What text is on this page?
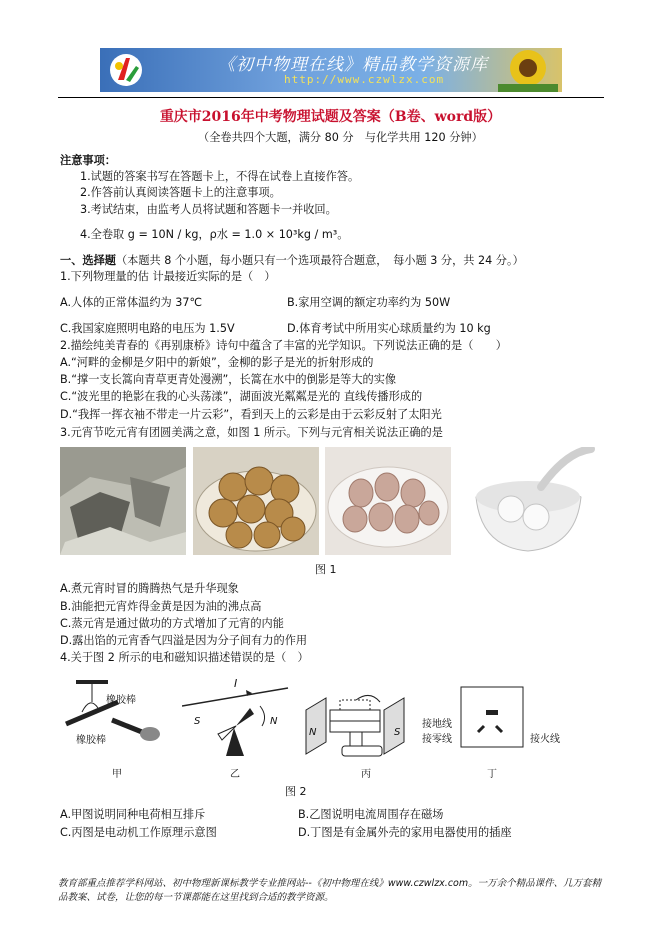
《初中物理在线》精品教学资源库
http://www.czwlzx.com
重庆市2016年中考物理试题及答案（B卷、word版）
（全卷共四个大题，满分 80 分　与化学共用 120 分钟）
注意事项：
1.试题的答案书写在答题卡上，不得在试卷上直接作答。
2.作答前认真阅读答题卡上的注意事项。
3.考试结束，由监考人员将试题和答题卡一并收回。
4.全卷取 g = 10N / kg，ρ水 = 1.0 × 10³kg / m³。
一、选择题（本题共 8 个小题，每小题只有一个选项最符合题意，　每小题 3 分，共 24 分。）
1.下列物理量的估 计最接近实际的是（　）
A.人体的正常体温约为 37℃	B.家用空调的额定功率约为 50W
C.我国家庭照明电路的电压为 1.5V	D.体育考试中所用实心球质量约为 10 kg
2.描绘纯美青春的《再别康桥》诗句中蕴含了丰富的光学知识。下列说法正确的是（　　）
A.“河畔的金柳是夕阳中的新娘”，金柳的影子是光的折射形成的
B.“撑一支长篙向青草更青处漫溯”，长篙在水中的倒影是等大的实像
C.“波光里的艳影在我的心头荡漾”，湖面波光粼粼是光的 直线传播形成的
D.“我挥一挥衣袖不带走一片云彩”，看到天上的云彩是由于云彩反射了太阳光
3.元宵节吃元宵有团圆美满之意，如图 1 所示。下列与元宵相关说法正确的是
图 1
A.煮元宵时冒的腾腾热气是升华现象
B.油能把元宵炸得金黄是因为油的沸点高
C.蒸元宵是通过做功的方式增加了元宵的内能
D.露出馅的元宵香气四溢是因为分子间有力的作用
4.关于图 2 所示的电和磁知识描述错误的是（　）
橡胶棒
橡胶棒
I
S	N
N	S
接地线
接零线	接火线
甲	乙	丙	丁
图 2
A.甲图说明同种电荷相互排斥	B.乙图说明电流周围存在磁场
C.丙图是电动机工作原理示意图	D.丁图是有金属外壳的家用电器使用的插座
教育部重点推荐学科网站、初中物理新课标教学专业推网站--《初中物理在线》www.czwlzx.com。一万余个精品课件、几万套精品教案、试卷，让您的每一节课都能在这里找到合适的教学资源。
